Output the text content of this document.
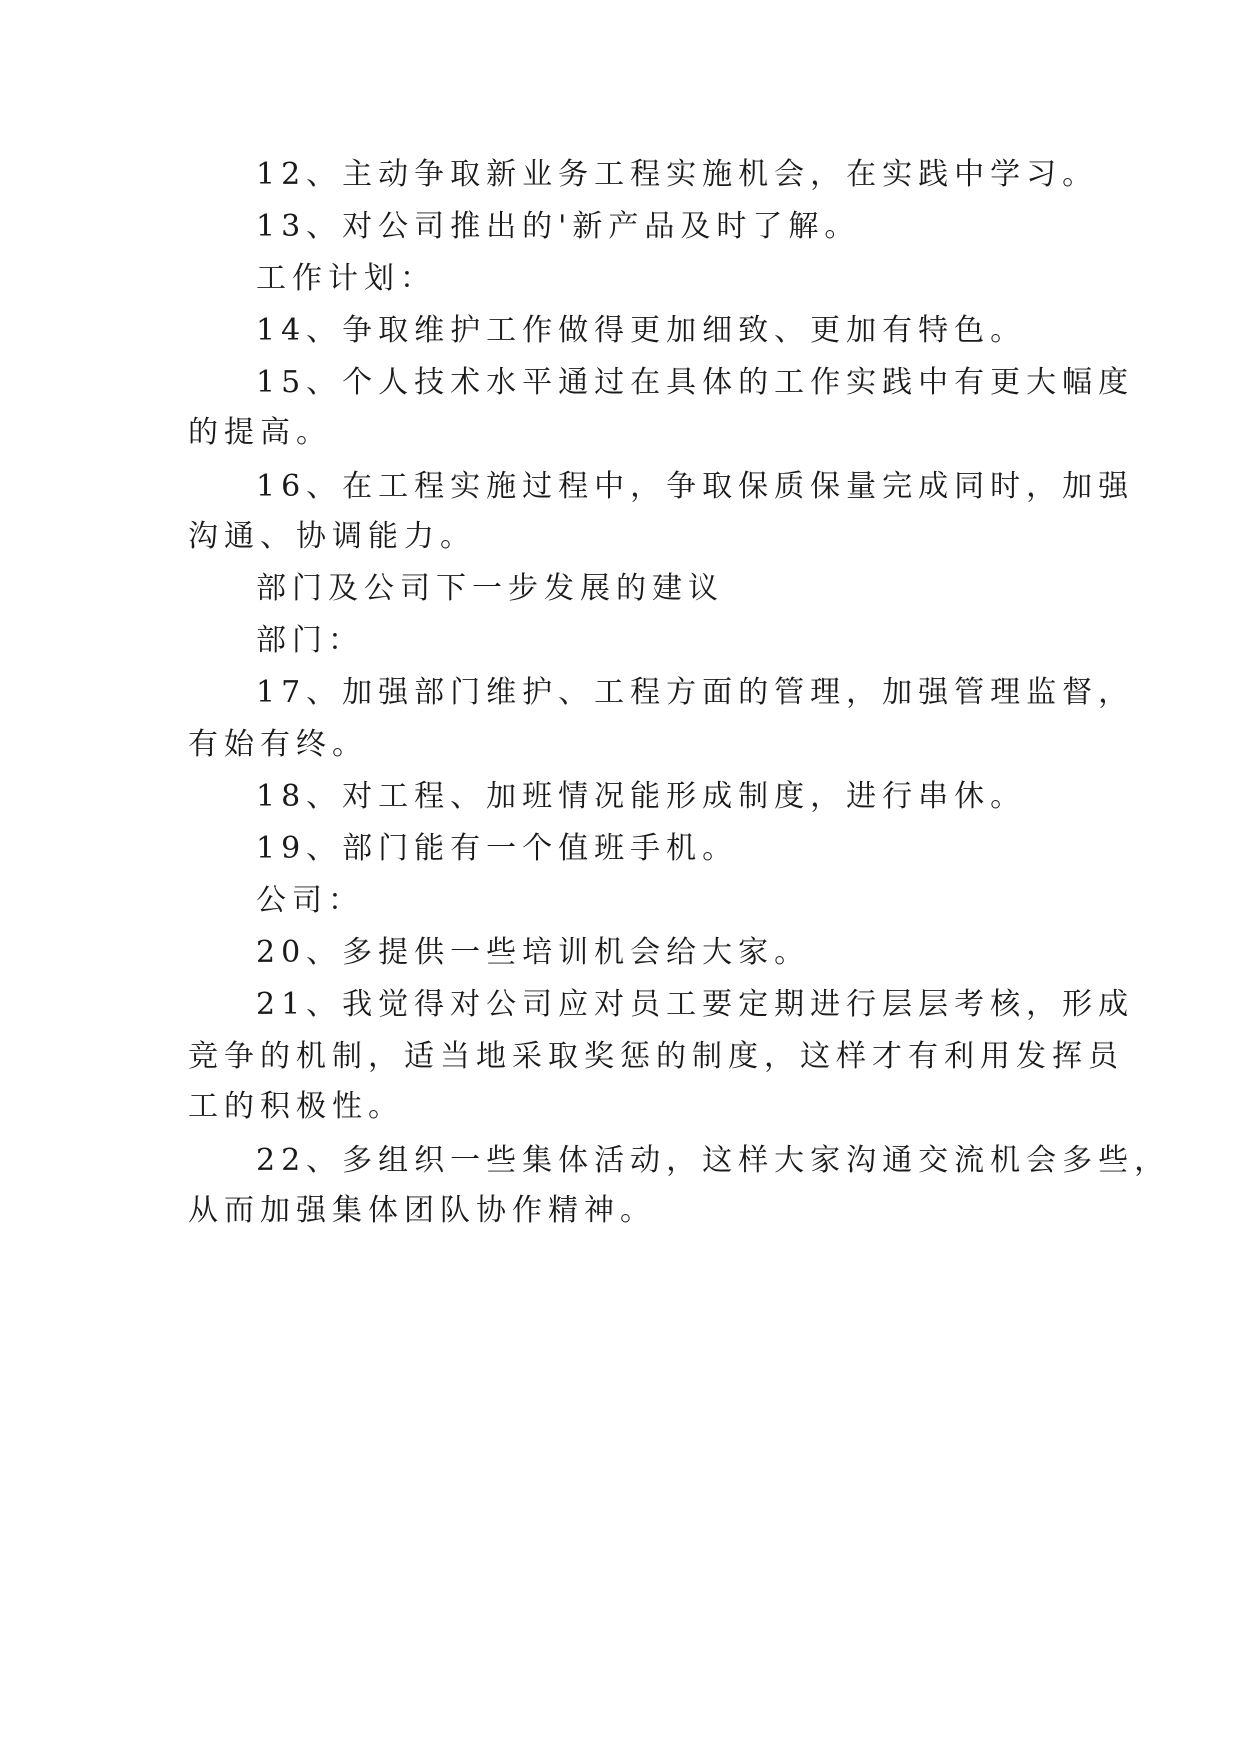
12、主动争取新业务工程实施机会，在实践中学习。
13、对公司推出的'新产品及时了解。
工作计划：
14、争取维护工作做得更加细致、更加有特色。
15、个人技术水平通过在具体的工作实践中有更大幅度
的提高。
16、在工程实施过程中，争取保质保量完成同时，加强
沟通、协调能力。
部门及公司下一步发展的建议
部门：
17、加强部门维护、工程方面的管理，加强管理监督，
有始有终。
18、对工程、加班情况能形成制度，进行串休。
19、部门能有一个值班手机。
公司：
20、多提供一些培训机会给大家。
21、我觉得对公司应对员工要定期进行层层考核，形成
竞争的机制，适当地采取奖惩的制度，这样才有利用发挥员
工的积极性。
22、多组织一些集体活动，这样大家沟通交流机会多些，
从而加强集体团队协作精神。
